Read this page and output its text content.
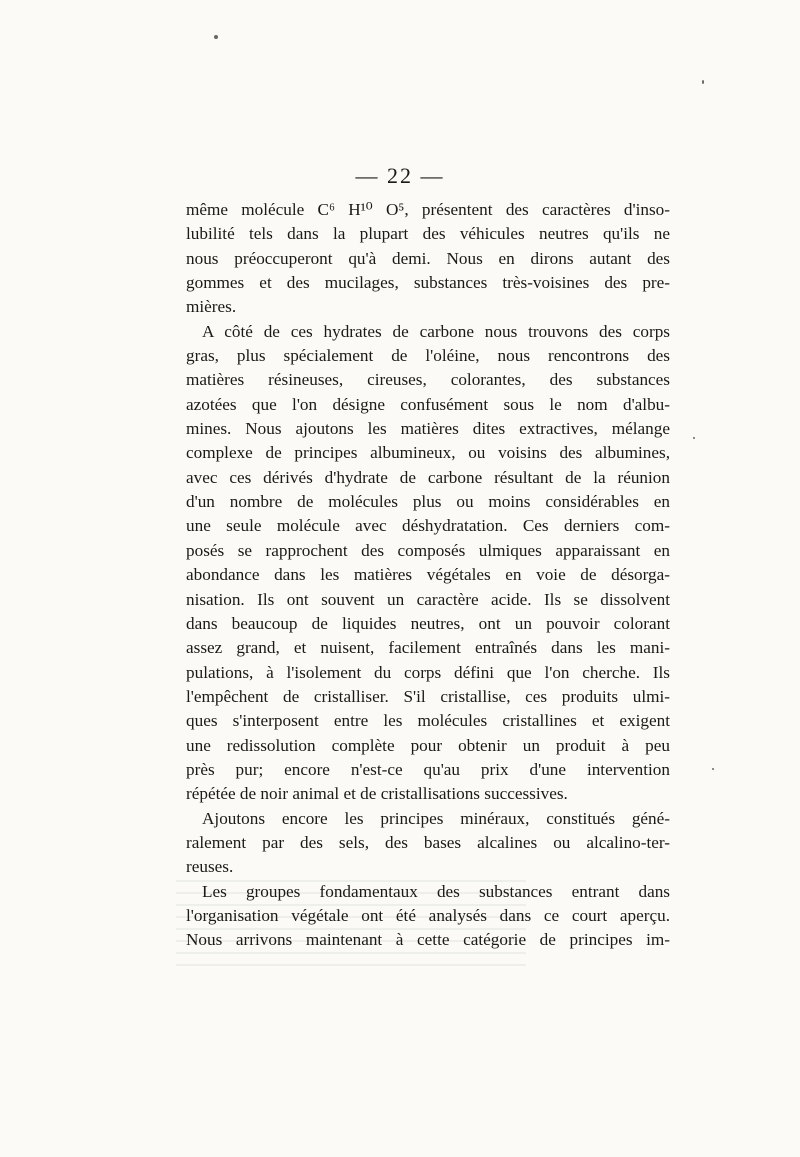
— 22 —
même molécule C⁶ H¹⁰ O⁵, présentent des caractères d'inso-
lubilité tels dans la plupart des véhicules neutres qu'ils ne
nous préoccuperont qu'à demi. Nous en dirons autant des
gommes et des mucilages, substances très-voisines des pre-
mières.
A côté de ces hydrates de carbone nous trouvons des corps
gras, plus spécialement de l'oléine, nous rencontrons des
matières résineuses, cireuses, colorantes, des substances
azotées que l'on désigne confusément sous le nom d'albu-
mines. Nous ajoutons les matières dites extractives, mélange
complexe de principes albumineux, ou voisins des albumines,
avec ces dérivés d'hydrate de carbone résultant de la réunion
d'un nombre de molécules plus ou moins considérables en
une seule molécule avec déshydratation. Ces derniers com-
posés se rapprochent des composés ulmiques apparaissant en
abondance dans les matières végétales en voie de désorga-
nisation. Ils ont souvent un caractère acide. Ils se dissolvent
dans beaucoup de liquides neutres, ont un pouvoir colorant
assez grand, et nuisent, facilement entraînés dans les mani-
pulations, à l'isolement du corps défini que l'on cherche. Ils
l'empêchent de cristalliser. S'il cristallise, ces produits ulmi-
ques s'interposent entre les molécules cristallines et exigent
une redissolution complète pour obtenir un produit à peu
près pur; encore n'est-ce qu'au prix d'une intervention
répétée de noir animal et de cristallisations successives.
Ajoutons encore les principes minéraux, constitués géné-
ralement par des sels, des bases alcalines ou alcalino-ter-
reuses.
Les groupes fondamentaux des substances entrant dans
l'organisation végétale ont été analysés dans ce court aperçu.
Nous arrivons maintenant à cette catégorie de principes im-
